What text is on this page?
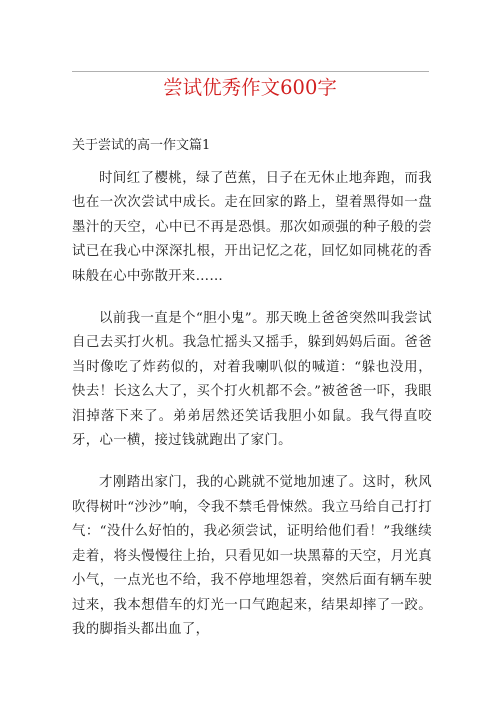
尝试优秀作文600字
关于尝试的高一作文篇1

时间红了樱桃，绿了芭蕉，日子在无休止地奔跑，而我也在一次次尝试中成长。走在回家的路上，望着黑得如一盘墨汁的天空，心中已不再是恐惧。那次如顽强的种子般的尝试已在我心中深深扎根，开出记忆之花，回忆如同桃花的香味般在心中弥散开来……

以前我一直是个“胆小鬼”。那天晚上爸爸突然叫我尝试自己去买打火机。我急忙摇头又摇手，躲到妈妈后面。爸爸当时像吃了炸药似的，对着我喇叭似的喊道：“躲也没用，快去！长这么大了，买个打火机都不会。”被爸爸一吓，我眼泪掉落下来了。弟弟居然还笑话我胆小如鼠。我气得直咬牙，心一横，接过钱就跑出了家门。

才刚踏出家门，我的心跳就不觉地加速了。这时，秋风吹得树叶“沙沙”响，令我不禁毛骨悚然。我立马给自己打打气：“没什么好怕的，我必须尝试，证明给他们看！”我继续走着，将头慢慢往上抬，只看见如一块黑幕的天空，月光真小气，一点光也不给，我不停地埋怨着，突然后面有辆车驶过来，我本想借车的灯光一口气跑起来，结果却摔了一跤。我的脚指头都出血了，
